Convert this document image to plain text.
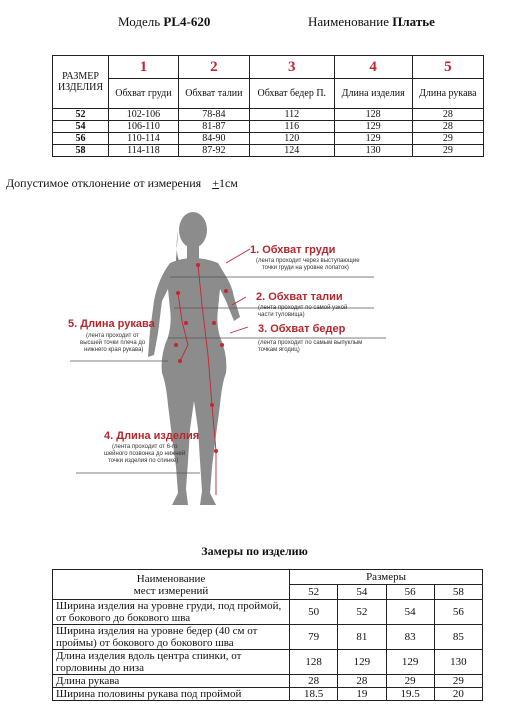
Модель PL4-620	Наименование Платье
РАЗМЕР ИЗДЕЛИЯ	1	2	3	4	5
	Обхват груди	Обхват талии	Обхват бедер П.	Длина изделия	Длина рукава
52	102-106	78-84	112	128	28
54	106-110	81-87	116	129	28
56	110-114	84-90	120	129	29
58	114-118	87-92	124	130	29
Допустимое отклонение от измерения +1см
1. Обхват груди
(лента проходит через выступающие
точки груди на уровне лопаток)
2. Обхват талии
(лента проходит по самой узкой
части туловища)
3. Обхват бедер
(лента проходит по самым выпуклым
точкам ягодиц)
4. Длина изделия
(лента проходит от 6-го
шейного позвонка до нижней
точки изделия по спинке)
5. Длина рукава
(лента проходит от
высшей точки плеча до
нижнего края рукава)
Замеры по изделию
Наименование
мест измерений	Размеры			
	52	54	56	58
Ширина изделия на уровне груди, под проймой, от бокового до бокового шва	50	52	54	56
Ширина изделия на уровне бедер (40 см от проймы) от бокового до бокового шва	79	81	83	85
Длина изделия вдоль центра спинки, от горловины до низа	128	129	129	130
Длина рукава	28	28	29	29
Ширина половины рукава под проймой	18.5	19	19.5	20
